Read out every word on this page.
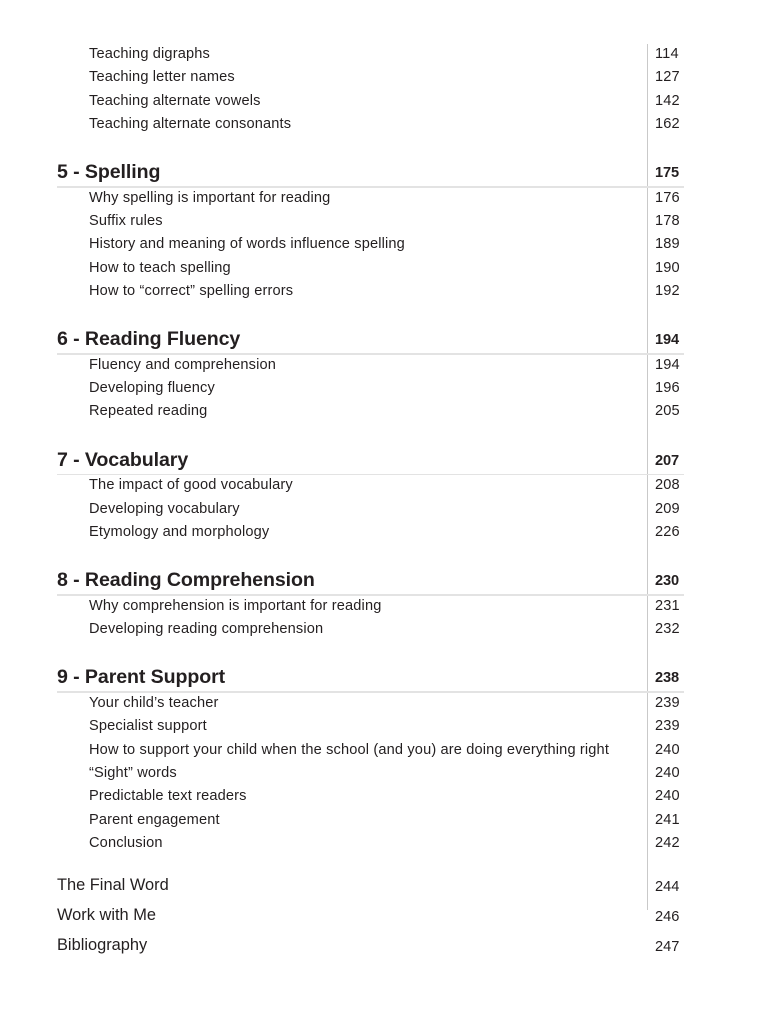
Teaching digraphs	114
Teaching letter names	127
Teaching alternate vowels	142
Teaching alternate consonants	162
5 - Spelling	175
Why spelling is important for reading	176
Suffix rules	178
History and meaning of words influence spelling	189
How to teach spelling	190
How to “correct” spelling errors	192
6 - Reading Fluency	194
Fluency and comprehension	194
Developing fluency	196
Repeated reading	205
7 - Vocabulary	207
The impact of good vocabulary	208
Developing vocabulary	209
Etymology and morphology	226
8 - Reading Comprehension	230
Why comprehension is important for reading	231
Developing reading comprehension	232
9 - Parent Support	238
Your child’s teacher	239
Specialist support	239
How to support your child when the school (and you) are doing everything right	240
“Sight” words	240
Predictable text readers	240
Parent engagement	241
Conclusion	242
The Final Word	244
Work with Me	246
Bibliography	247
